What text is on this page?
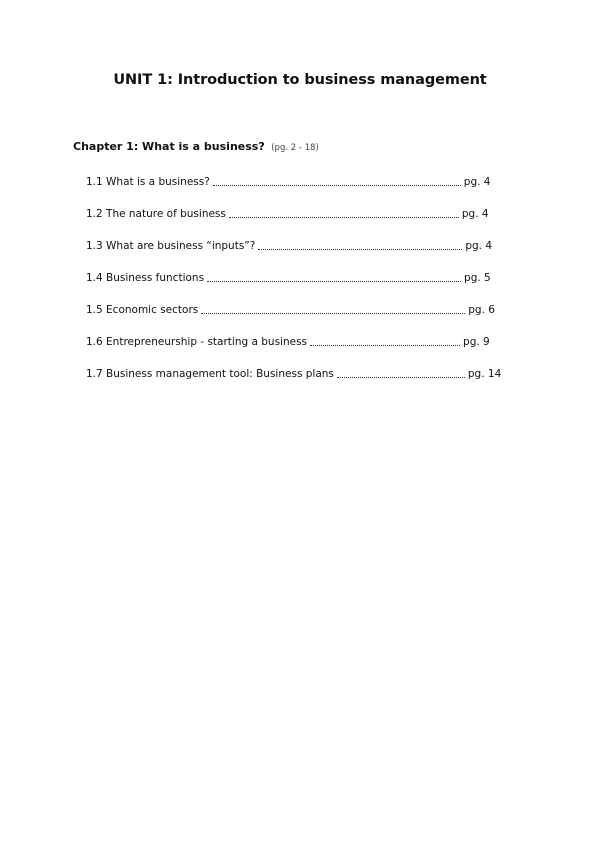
UNIT 1: Introduction to business management
Chapter 1: What is a business? (pg. 2 - 18)
1.1 What is a business?	pg. 4
1.2 The nature of business	pg. 4
1.3 What are business “inputs”?	pg. 4
1.4 Business functions	pg. 5
1.5 Economic sectors	pg. 6
1.6 Entrepreneurship - starting a business	pg. 9
1.7 Business management tool: Business plans	pg. 14
